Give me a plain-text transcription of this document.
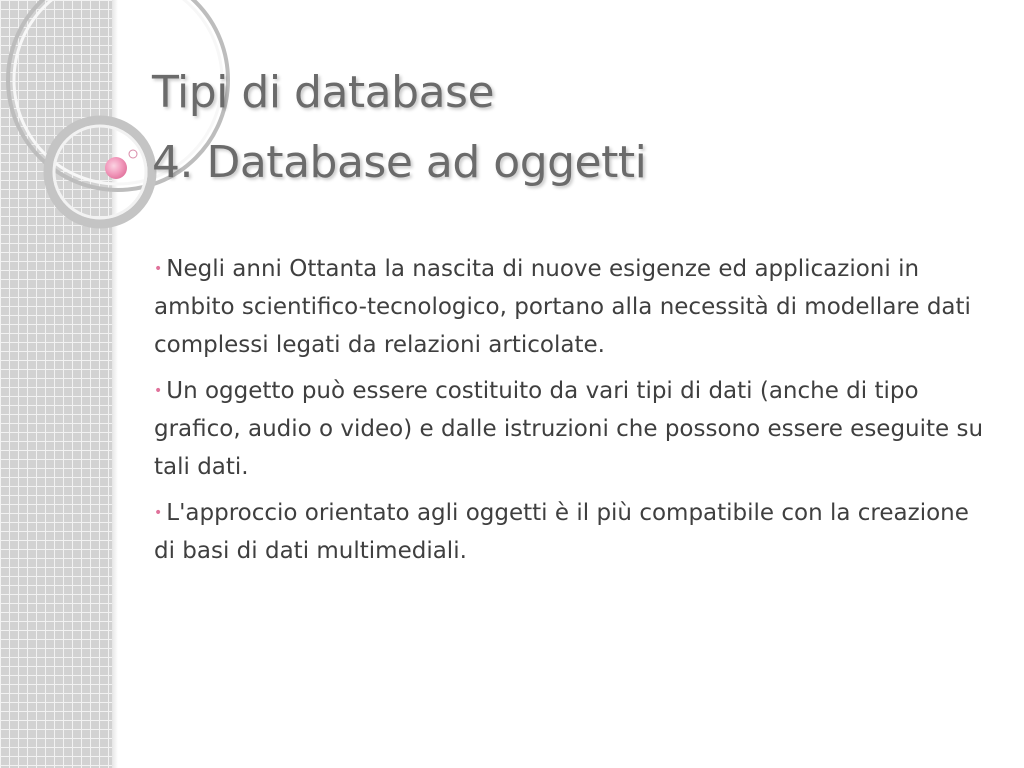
Tipi di database
4. Database ad oggetti
• Negli anni Ottanta la nascita di nuove esigenze ed applicazioni in ambito scientifico-tecnologico, portano alla necessità di modellare dati complessi legati da relazioni articolate.
• Un oggetto può essere costituito da vari tipi di dati (anche di tipo grafico, audio o video) e dalle istruzioni che possono essere eseguite su tali dati.
• L'approccio orientato agli oggetti è il più compatibile con la creazione di basi di dati multimediali.
